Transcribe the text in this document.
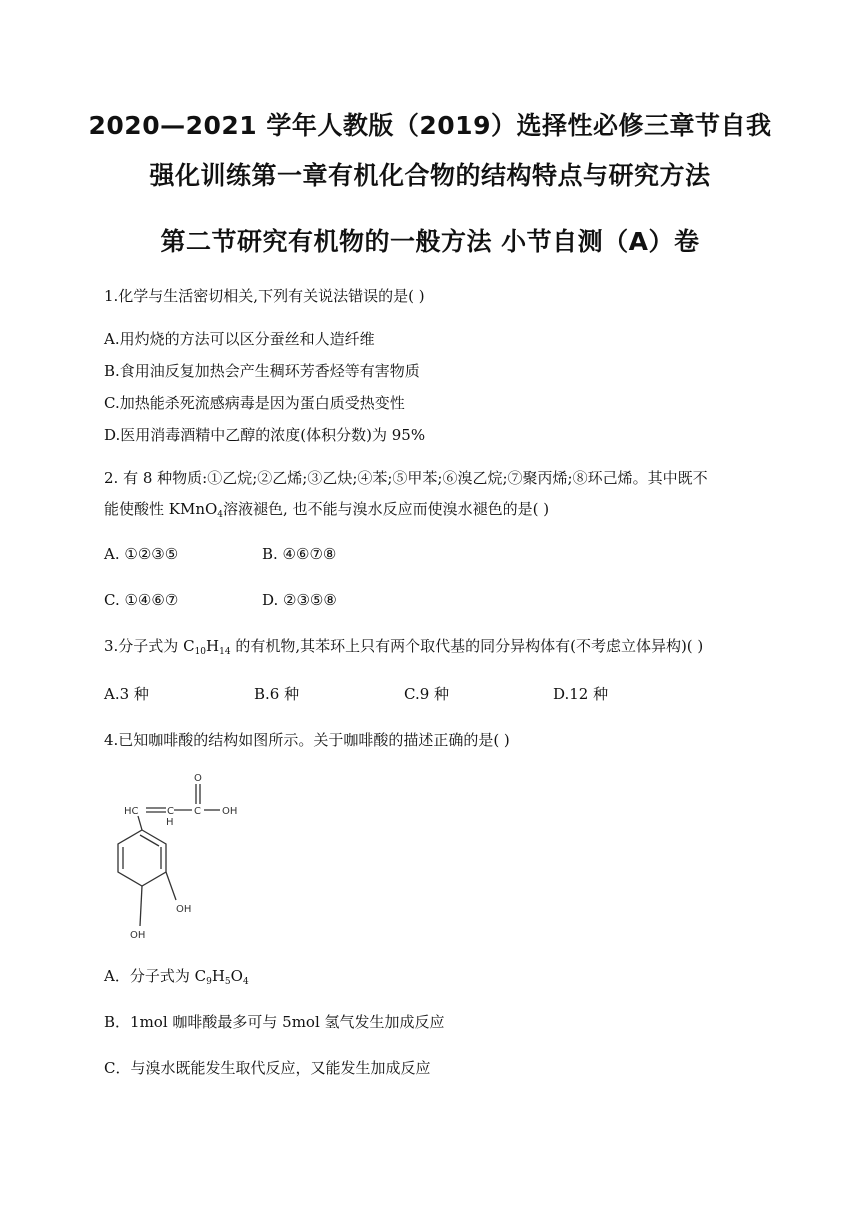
2020—2021 学年人教版（2019）选择性必修三章节自我
强化训练第一章有机化合物的结构特点与研究方法
第二节研究有机物的一般方法 小节自测（A）卷
1.化学与生活密切相关,下列有关说法错误的是( )
A.用灼烧的方法可以区分蚕丝和人造纤维
B.食用油反复加热会产生稠环芳香烃等有害物质
C.加热能杀死流感病毒是因为蛋白质受热变性
D.医用消毒酒精中乙醇的浓度(体积分数)为 95%
2. 有 8 种物质:①乙烷;②乙烯;③乙炔;④苯;⑤甲苯;⑥溴乙烷;⑦聚丙烯;⑧环己烯。其中既不
能使酸性 KMnO$_4$溶液褪色, 也不能与溴水反应而使溴水褪色的是( )
A. ①②③⑤	B. ④⑥⑦⑧
C. ①④⑥⑦	D. ②③⑤⑧
3.分子式为 $C_{10}H_{14}$ 的有机物,其苯环上只有两个取代基的同分异构体有(不考虑立体异构)( )
A.3 种	B.6 种	C.9 种	D.12 种
4.已知咖啡酸的结构如图所示。关于咖啡酸的描述正确的是( )
O
HC	C
H
C OH
OH
OH
A．分子式为 $C_9H_5O_4$
B．1mol 咖啡酸最多可与 5mol 氢气发生加成反应
C．与溴水既能发生取代反应，又能发生加成反应
